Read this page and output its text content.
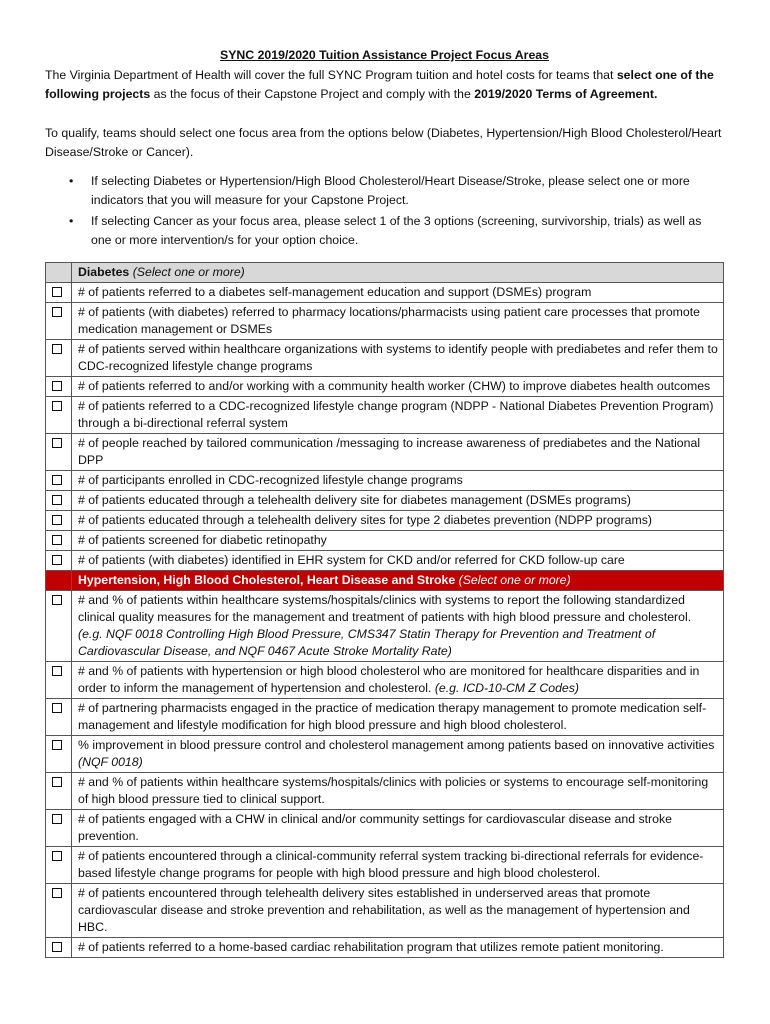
SYNC 2019/2020 Tuition Assistance Project Focus Areas

The Virginia Department of Health will cover the full SYNC Program tuition and hotel costs for teams that select one of the following projects as the focus of their Capstone Project and comply with the 2019/2020 Terms of Agreement.

To qualify, teams should select one focus area from the options below (Diabetes, Hypertension/High Blood Cholesterol/Heart Disease/Stroke or Cancer).

• If selecting Diabetes or Hypertension/High Blood Cholesterol/Heart Disease/Stroke, please select one or more indicators that you will measure for your Capstone Project.
• If selecting Cancer as your focus area, please select 1 of the 3 options (screening, survivorship, trials) as well as one or more intervention/s for your option choice.
	Diabetes (Select one or more)
	# of patients referred to a diabetes self-management education and support (DSMEs) program
	# of patients (with diabetes) referred to pharmacy locations/pharmacists using patient care processes that promote medication management or DSMEs
	# of patients served within healthcare organizations with systems to identify people with prediabetes and refer them to CDC-recognized lifestyle change programs
	# of patients referred to and/or working with a community health worker (CHW) to improve diabetes health outcomes
	# of patients referred to a CDC-recognized lifestyle change program (NDPP - National Diabetes Prevention Program) through a bi-directional referral system
	# of people reached by tailored communication /messaging to increase awareness of prediabetes and the National DPP
	# of participants enrolled in CDC-recognized lifestyle change programs
	# of patients educated through a telehealth delivery site for diabetes management (DSMEs programs)
	# of patients educated through a telehealth delivery sites for type 2 diabetes prevention (NDPP programs)
	# of patients screened for diabetic retinopathy
	# of patients (with diabetes) identified in EHR system for CKD and/or referred for CKD follow-up care
	Hypertension, High Blood Cholesterol, Heart Disease and Stroke (Select one or more)
	# and % of patients within healthcare systems/hospitals/clinics with systems to report the following standardized clinical quality measures for the management and treatment of patients with high blood pressure and cholesterol. (e.g. NQF 0018 Controlling High Blood Pressure, CMS347 Statin Therapy for Prevention and Treatment of Cardiovascular Disease, and NQF 0467 Acute Stroke Mortality Rate)
	# and % of patients with hypertension or high blood cholesterol who are monitored for healthcare disparities and in order to inform the management of hypertension and cholesterol. (e.g. ICD-10-CM Z Codes)
	# of partnering pharmacists engaged in the practice of medication therapy management to promote medication self-management and lifestyle modification for high blood pressure and high blood cholesterol.
	% improvement in blood pressure control and cholesterol management among patients based on innovative activities (NQF 0018)
	# and % of patients within healthcare systems/hospitals/clinics with policies or systems to encourage self-monitoring of high blood pressure tied to clinical support.
	# of patients engaged with a CHW in clinical and/or community settings for cardiovascular disease and stroke prevention.
	# of patients encountered through a clinical-community referral system tracking bi-directional referrals for evidence-based lifestyle change programs for people with high blood pressure and high blood cholesterol.
	# of patients encountered through telehealth delivery sites established in underserved areas that promote cardiovascular disease and stroke prevention and rehabilitation, as well as the management of hypertension and HBC.
	# of patients referred to a home-based cardiac rehabilitation program that utilizes remote patient monitoring.
